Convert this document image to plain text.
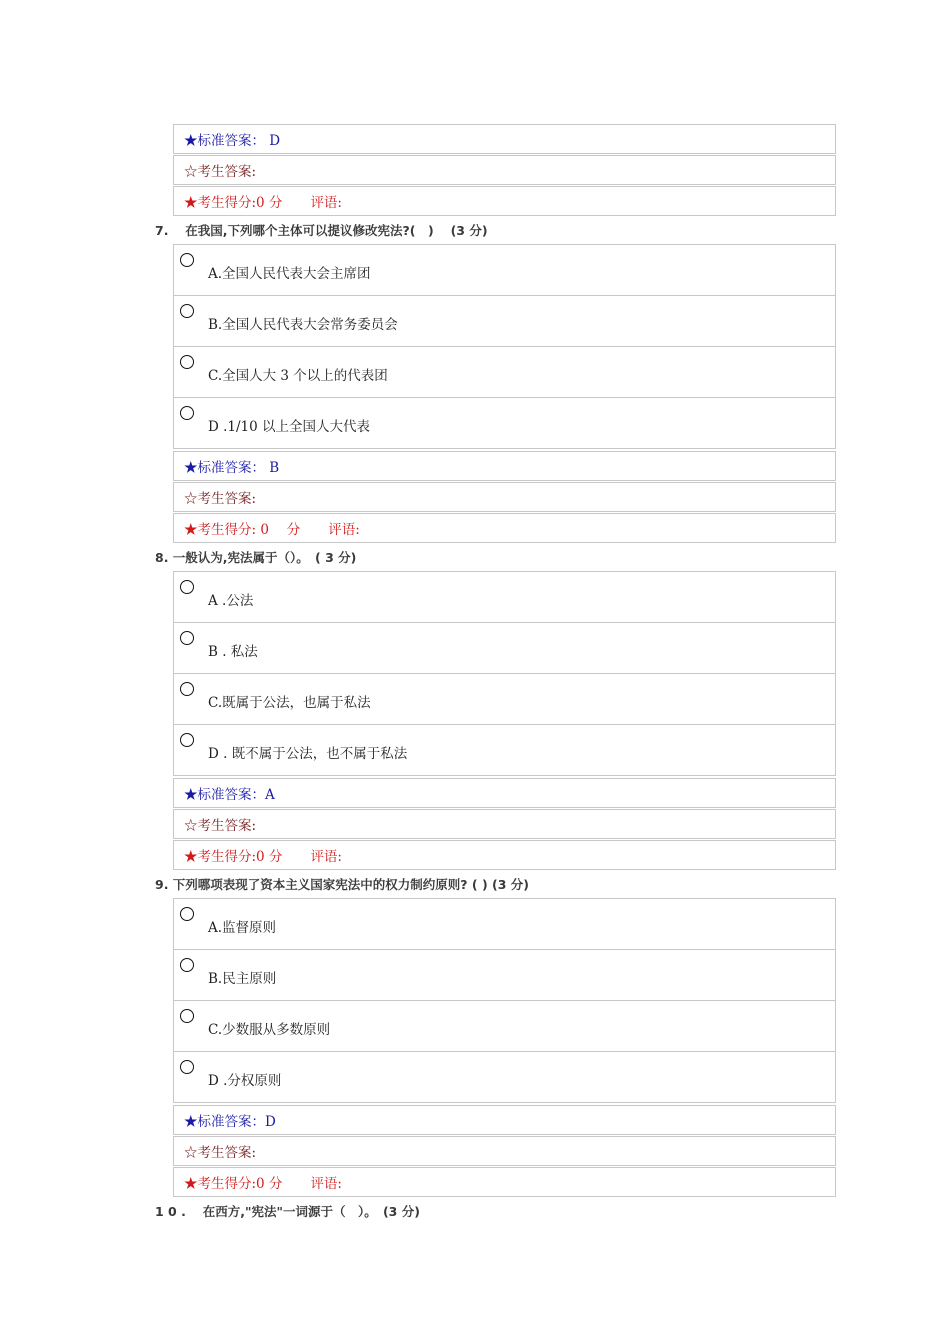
★标准答案： D
☆考生答案:
★考生得分:0 分 评语:
7.　 在我国,下列哪个主体可以提议修改宪法?(　)　 (3 分)
A.全国人民代表大会主席团
B.全国人民代表大会常务委员会
C.全国人大 3 个以上的代表团
D .1/10 以上全国人大代表
★标准答案： B
☆考生答案:
★考生得分: 0　 分 评语:
8. 一般认为,宪法属于（）。　( 3 分)
A .公法
B . 私法
C.既属于公法，也属于私法
D . 既不属于公法，也不属于私法
★标准答案：A
☆考生答案:
★考生得分:0 分 评语:
9. 下列哪项表现了资本主义国家宪法中的权力制约原则? ( ) (3 分)
A.监督原则
B.民主原则
C.少数服从多数原则
D .分权原则
★标准答案：D
☆考生答案:
★考生得分:0 分 评语:
1 0 .　 在西方,"宪法"一词源于（　）。　(3 分)
